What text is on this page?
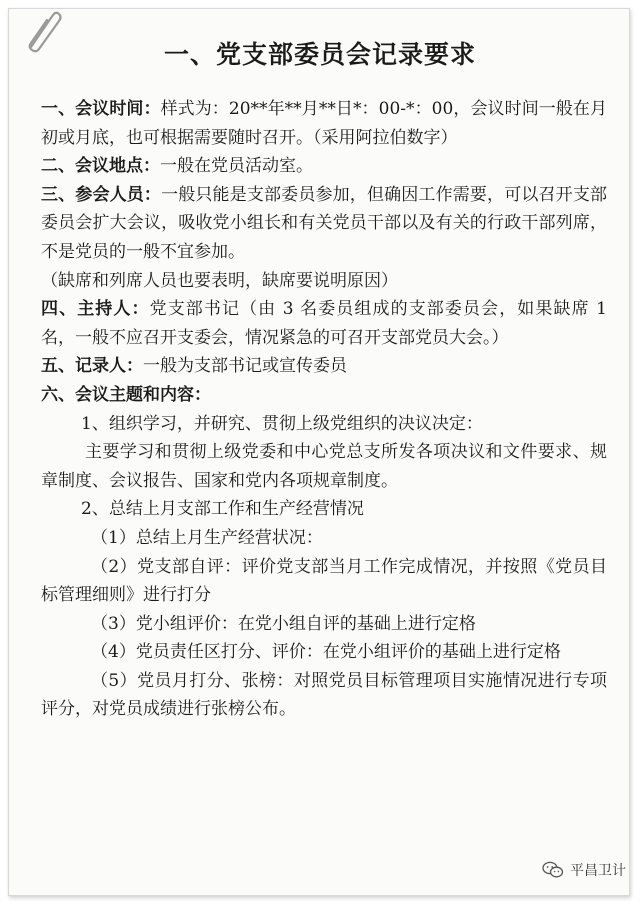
一、党支部委员会记录要求

一、会议时间：样式为：20**年**月**日*：00-*：00，会议时间一般在月初或月底，也可根据需要随时召开。（采用阿拉伯数字）

二、会议地点：一般在党员活动室。

三、参会人员：一般只能是支部委员参加，但确因工作需要，可以召开支部委员会扩大会议，吸收党小组长和有关党员干部以及有关的行政干部列席，不是党员的一般不宜参加。

（缺席和列席人员也要表明，缺席要说明原因）

四、主持人：党支部书记（由 3 名委员组成的支部委员会，如果缺席 1 名，一般不应召开支委会，情况紧急的可召开支部党员大会。）

五、记录人：一般为支部书记或宣传委员

六、会议主题和内容：

1、组织学习，并研究、贯彻上级党组织的决议决定：

主要学习和贯彻上级党委和中心党总支所发各项决议和文件要求、规章制度、会议报告、国家和党内各项规章制度。

2、总结上月支部工作和生产经营情况

（1）总结上月生产经营状况：

（2）党支部自评：评价党支部当月工作完成情况，并按照《党员目标管理细则》进行打分

（3）党小组评价：在党小组自评的基础上进行定格

（4）党员责任区打分、评价：在党小组评价的基础上进行定格

（5）党员月打分、张榜：对照党员目标管理项目实施情况进行专项评分，对党员成绩进行张榜公布。

平昌卫计
